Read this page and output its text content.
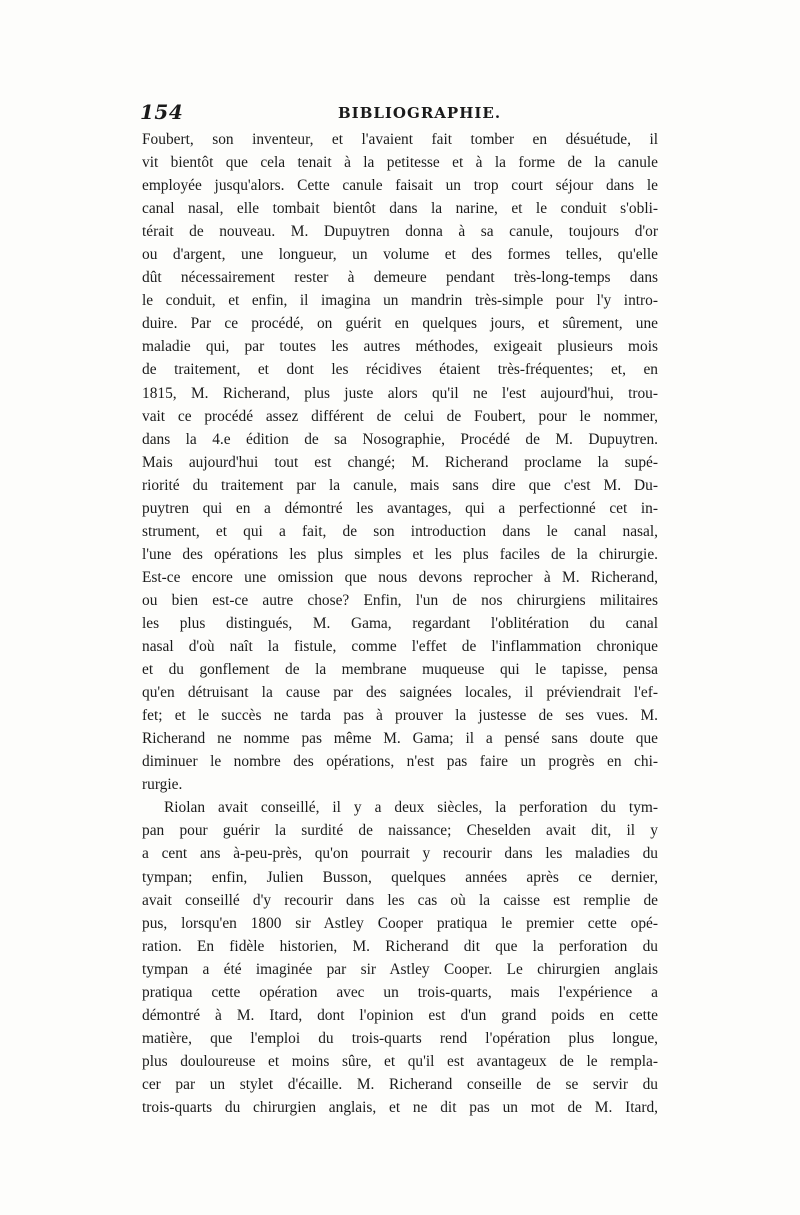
154	BIBLIOGRAPHIE.
Foubert, son inventeur, et l'avaient fait tomber en désuétude, il
vit bientôt que cela tenait à la petitesse et à la forme de la canule
employée jusqu'alors. Cette canule faisait un trop court séjour dans le
canal nasal, elle tombait bientôt dans la narine, et le conduit s'obli-
térait de nouveau. M. Dupuytren donna à sa canule, toujours d'or
ou d'argent, une longueur, un volume et des formes telles, qu'elle
dût nécessairement rester à demeure pendant très-long-temps dans
le conduit, et enfin, il imagina un mandrin très-simple pour l'y intro-
duire. Par ce procédé, on guérit en quelques jours, et sûrement, une
maladie qui, par toutes les autres méthodes, exigeait plusieurs mois
de traitement, et dont les récidives étaient très-fréquentes; et, en
1815, M. Richerand, plus juste alors qu'il ne l'est aujourd'hui, trou-
vait ce procédé assez différent de celui de Foubert, pour le nommer,
dans la 4.e édition de sa Nosographie, Procédé de M. Dupuytren.
Mais aujourd'hui tout est changé; M. Richerand proclame la supé-
riorité du traitement par la canule, mais sans dire que c'est M. Du-
puytren qui en a démontré les avantages, qui a perfectionné cet in-
strument, et qui a fait, de son introduction dans le canal nasal,
l'une des opérations les plus simples et les plus faciles de la chirurgie.
Est-ce encore une omission que nous devons reprocher à M. Richerand,
ou bien est-ce autre chose? Enfin, l'un de nos chirurgiens militaires
les plus distingués, M. Gama, regardant l'oblitération du canal
nasal d'où naît la fistule, comme l'effet de l'inflammation chronique
et du gonflement de la membrane muqueuse qui le tapisse, pensa
qu'en détruisant la cause par des saignées locales, il préviendrait l'ef-
fet; et le succès ne tarda pas à prouver la justesse de ses vues. M.
Richerand ne nomme pas même M. Gama; il a pensé sans doute que
diminuer le nombre des opérations, n'est pas faire un progrès en chi-
rurgie.
Riolan avait conseillé, il y a deux siècles, la perforation du tym-
pan pour guérir la surdité de naissance; Cheselden avait dit, il y
a cent ans à-peu-près, qu'on pourrait y recourir dans les maladies du
tympan; enfin, Julien Busson, quelques années après ce dernier,
avait conseillé d'y recourir dans les cas où la caisse est remplie de
pus, lorsqu'en 1800 sir Astley Cooper pratiqua le premier cette opé-
ration. En fidèle historien, M. Richerand dit que la perforation du
tympan a été imaginée par sir Astley Cooper. Le chirurgien anglais
pratiqua cette opération avec un trois-quarts, mais l'expérience a
démontré à M. Itard, dont l'opinion est d'un grand poids en cette
matière, que l'emploi du trois-quarts rend l'opération plus longue,
plus douloureuse et moins sûre, et qu'il est avantageux de le rempla-
cer par un stylet d'écaille. M. Richerand conseille de se servir du
trois-quarts du chirurgien anglais, et ne dit pas un mot de M. Itard,
